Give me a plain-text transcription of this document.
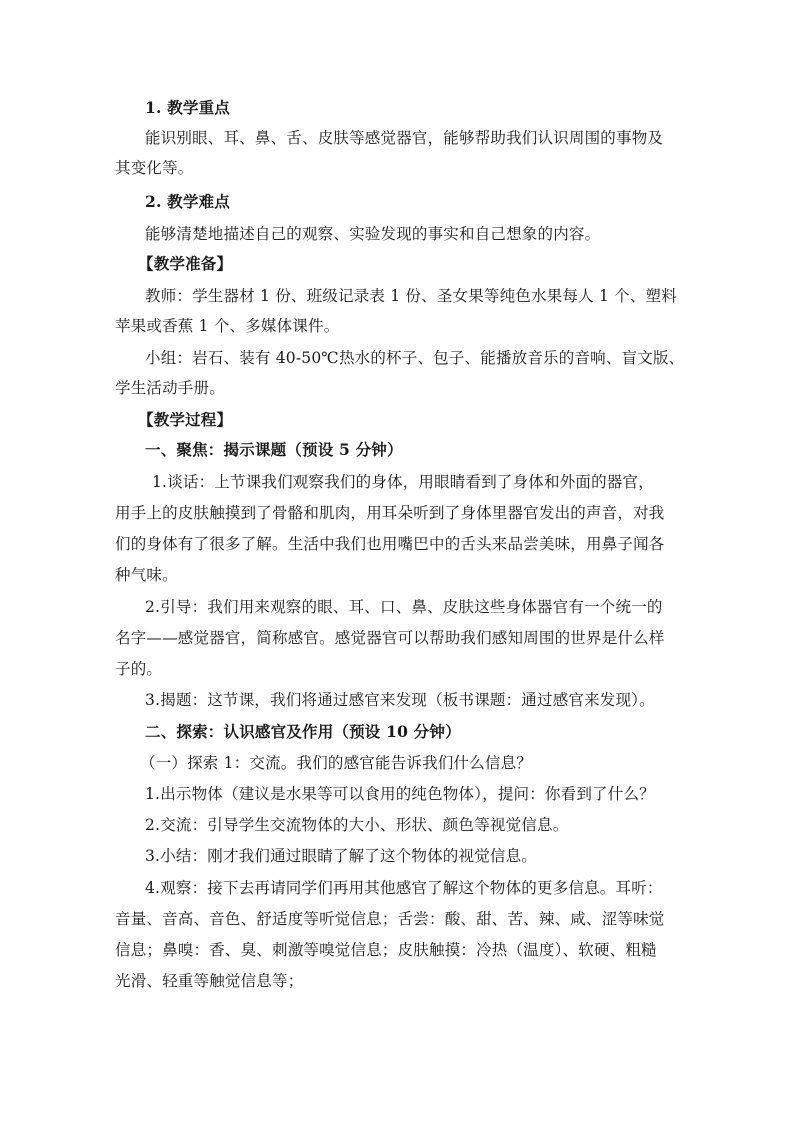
1. 教学重点
能识别眼、耳、鼻、舌、皮肤等感觉器官，能够帮助我们认识周围的事物及
其变化等。
2. 教学难点
能够清楚地描述自己的观察、实验发现的事实和自己想象的内容。
【教学准备】
教师：学生器材 1 份、班级记录表 1 份、圣女果等纯色水果每人 1 个、塑料
苹果或香蕉 1 个、多媒体课件。
小组：岩石、装有 40-50℃热水的杯子、包子、能播放音乐的音响、盲文版、
学生活动手册。
【教学过程】
一、聚焦：揭示课题（预设 5 分钟）
1.谈话：上节课我们观察我们的身体，用眼睛看到了身体和外面的器官，
用手上的皮肤触摸到了骨骼和肌肉，用耳朵听到了身体里器官发出的声音，对我
们的身体有了很多了解。生活中我们也用嘴巴中的舌头来品尝美味，用鼻子闻各
种气味。
2.引导：我们用来观察的眼、耳、口、鼻、皮肤这些身体器官有一个统一的
名字——感觉器官，简称感官。感觉器官可以帮助我们感知周围的世界是什么样
子的。
3.揭题：这节课，我们将通过感官来发现（板书课题：通过感官来发现）。
二、探索：认识感官及作用（预设 10 分钟）
（一）探索 1：交流。我们的感官能告诉我们什么信息？
1.出示物体（建议是水果等可以食用的纯色物体），提问：你看到了什么？
2.交流：引导学生交流物体的大小、形状、颜色等视觉信息。
3.小结：刚才我们通过眼睛了解了这个物体的视觉信息。
4.观察：接下去再请同学们再用其他感官了解这个物体的更多信息。耳听：
音量、音高、音色、舒适度等听觉信息；舌尝：酸、甜、苦、辣、咸、涩等味觉
信息；鼻嗅：香、臭、刺激等嗅觉信息；皮肤触摸：冷热（温度）、软硬、粗糙
光滑、轻重等触觉信息等；
